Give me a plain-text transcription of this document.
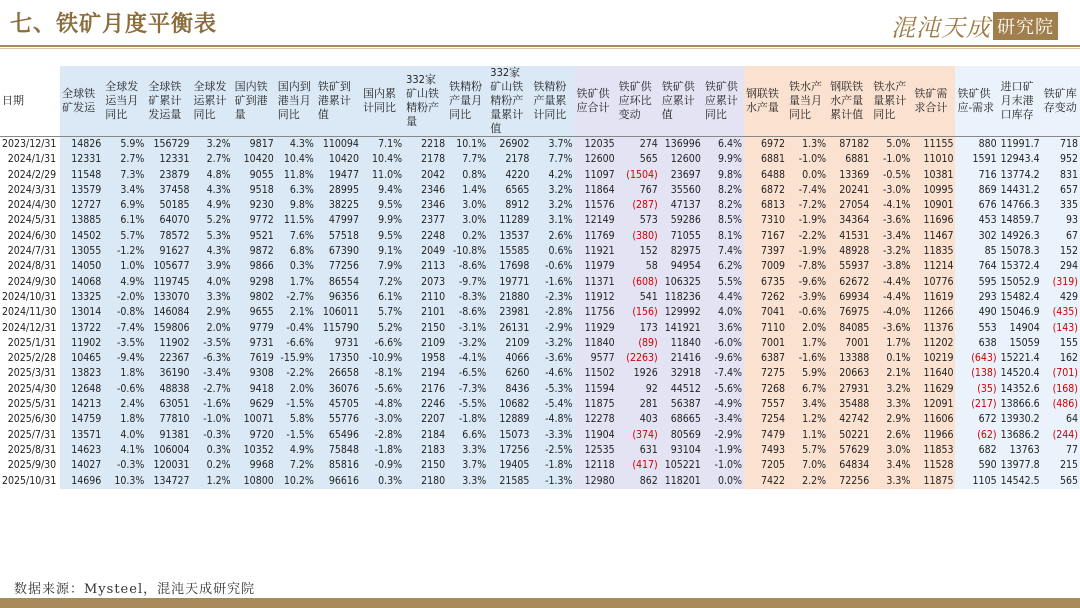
七、铁矿月度平衡表	混沌天成 研究院
日期	全球铁矿发运	全球发运当月同比	全球铁矿累计发运量	全球发运累计同比	国内铁矿到港量	国内到港当月同比	铁矿到港累计值	国内累计同比	332家矿山铁精粉产量	铁精粉产量月同比	332家矿山铁精粉产量累计值	铁精粉产量累计同比	铁矿供应合计	铁矿供应环比变动	铁矿供应累计值	铁矿供应累计同比	钢联铁水产量	铁水产量当月同比	钢联铁水产量累计值	铁水产量累计同比	铁矿需求合计	铁矿供应-需求	进口矿月末港口库存	铁矿库存变动
2023/12/31	14826	5.9%	156729	3.2%	9817	4.3%	110094	7.1%	2218	10.1%	26902	3.7%	12035	274	136996	6.4%	6972	1.3%	87182	5.0%	11155	880	11991.7	718
2024/1/31	12331	2.7%	12331	2.7%	10420	10.4%	10420	10.4%	2178	7.7%	2178	7.7%	12600	565	12600	9.9%	6881	-1.0%	6881	-1.0%	11010	1591	12943.4	952
2024/2/29	11548	7.3%	23879	4.8%	9055	11.8%	19477	11.0%	2042	0.8%	4220	4.2%	11097	(1504)	23697	9.8%	6488	0.0%	13369	-0.5%	10381	716	13774.2	831
2024/3/31	13579	3.4%	37458	4.3%	9518	6.3%	28995	9.4%	2346	1.4%	6565	3.2%	11864	767	35560	8.2%	6872	-7.4%	20241	-3.0%	10995	869	14431.2	657
2024/4/30	12727	6.9%	50185	4.9%	9230	9.8%	38225	9.5%	2346	3.0%	8912	3.2%	11576	(287)	47137	8.2%	6813	-7.2%	27054	-4.1%	10901	676	14766.3	335
2024/5/31	13885	6.1%	64070	5.2%	9772	11.5%	47997	9.9%	2377	3.0%	11289	3.1%	12149	573	59286	8.5%	7310	-1.9%	34364	-3.6%	11696	453	14859.7	93
2024/6/30	14502	5.7%	78572	5.3%	9521	7.6%	57518	9.5%	2248	0.2%	13537	2.6%	11769	(380)	71055	8.1%	7167	-2.2%	41531	-3.4%	11467	302	14926.3	67
2024/7/31	13055	-1.2%	91627	4.3%	9872	6.8%	67390	9.1%	2049	-10.8%	15585	0.6%	11921	152	82975	7.4%	7397	-1.9%	48928	-3.2%	11835	85	15078.3	152
2024/8/31	14050	1.0%	105677	3.9%	9866	0.3%	77256	7.9%	2113	-8.6%	17698	-0.6%	11979	58	94954	6.2%	7009	-7.8%	55937	-3.8%	11214	764	15372.4	294
2024/9/30	14068	4.9%	119745	4.0%	9298	1.7%	86554	7.2%	2073	-9.7%	19771	-1.6%	11371	(608)	106325	5.5%	6735	-9.6%	62672	-4.4%	10776	595	15052.9	(319)
2024/10/31	13325	-2.0%	133070	3.3%	9802	-2.7%	96356	6.1%	2110	-8.3%	21880	-2.3%	11912	541	118236	4.4%	7262	-3.9%	69934	-4.4%	11619	293	15482.4	429
2024/11/30	13014	-0.8%	146084	2.9%	9655	2.1%	106011	5.7%	2101	-8.6%	23981	-2.8%	11756	(156)	129992	4.0%	7041	-0.6%	76975	-4.0%	11266	490	15046.9	(435)
2024/12/31	13722	-7.4%	159806	2.0%	9779	-0.4%	115790	5.2%	2150	-3.1%	26131	-2.9%	11929	173	141921	3.6%	7110	2.0%	84085	-3.6%	11376	553	14904	(143)
2025/1/31	11902	-3.5%	11902	-3.5%	9731	-6.6%	9731	-6.6%	2109	-3.2%	2109	-3.2%	11840	(89)	11840	-6.0%	7001	1.7%	7001	1.7%	11202	638	15059	155
2025/2/28	10465	-9.4%	22367	-6.3%	7619	-15.9%	17350	-10.9%	1958	-4.1%	4066	-3.6%	9577	(2263)	21416	-9.6%	6387	-1.6%	13388	0.1%	10219	(643)	15221.4	162
2025/3/31	13823	1.8%	36190	-3.4%	9308	-2.2%	26658	-8.1%	2194	-6.5%	6260	-4.6%	11502	1926	32918	-7.4%	7275	5.9%	20663	2.1%	11640	(138)	14520.4	(701)
2025/4/30	12648	-0.6%	48838	-2.7%	9418	2.0%	36076	-5.6%	2176	-7.3%	8436	-5.3%	11594	92	44512	-5.6%	7268	6.7%	27931	3.2%	11629	(35)	14352.6	(168)
2025/5/31	14213	2.4%	63051	-1.6%	9629	-1.5%	45705	-4.8%	2246	-5.5%	10682	-5.4%	11875	281	56387	-4.9%	7557	3.4%	35488	3.3%	12091	(217)	13866.6	(486)
2025/6/30	14759	1.8%	77810	-1.0%	10071	5.8%	55776	-3.0%	2207	-1.8%	12889	-4.8%	12278	403	68665	-3.4%	7254	1.2%	42742	2.9%	11606	672	13930.2	64
2025/7/31	13571	4.0%	91381	-0.3%	9720	-1.5%	65496	-2.8%	2184	6.6%	15073	-3.3%	11904	(374)	80569	-2.9%	7479	1.1%	50221	2.6%	11966	(62)	13686.2	(244)
2025/8/31	14623	4.1%	106004	0.3%	10352	4.9%	75848	-1.8%	2183	3.3%	17256	-2.5%	12535	631	93104	-1.9%	7493	5.7%	57629	3.0%	11853	682	13763	77
2025/9/30	14027	-0.3%	120031	0.2%	9968	7.2%	85816	-0.9%	2150	3.7%	19405	-1.8%	12118	(417)	105221	-1.0%	7205	7.0%	64834	3.4%	11528	590	13977.8	215
2025/10/31	14696	10.3%	134727	1.2%	10800	10.2%	96616	0.3%	2180	3.3%	21585	-1.3%	12980	862	118201	0.0%	7422	2.2%	72256	3.3%	11875	1105	14542.5	565
数据来源：Mysteel，混沌天成研究院
